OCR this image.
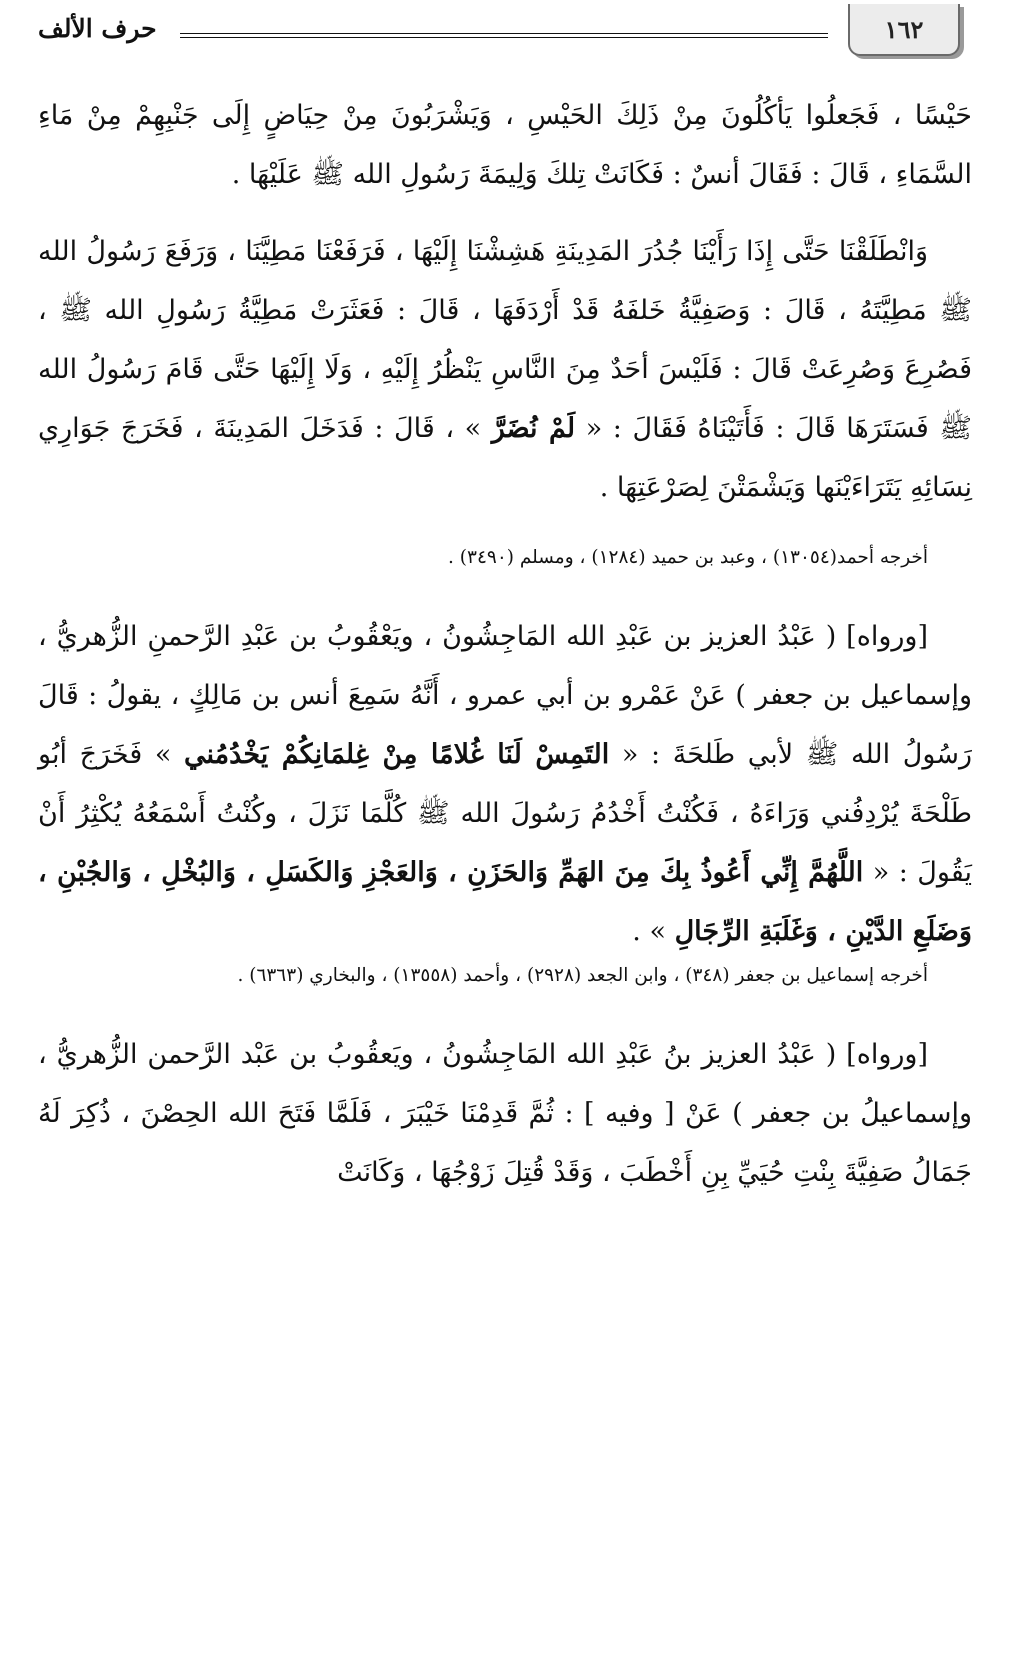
١٦٢
حرف الألف

حَيْسًا ، فَجَعلُوا يَأكُلُونَ مِنْ ذَلِكَ الحَيْسِ ، وَيَشْرَبُونَ مِنْ حِيَاضٍ إِلَى جَنْبِهِمْ مِنْ مَاءِ السَّمَاءِ ، قَالَ : فَقَالَ أنسٌ : فَكَانَتْ تِلكَ وَلِيمَةَ رَسُولِ الله ﷺ عَلَيْهَا .

وَانْطَلَقْنَا حَتَّى إِذَا رَأَيْنَا جُدُرَ المَدِينَةِ هَشِشْنَا إِلَيْهَا ، فَرَفَعْنَا مَطِيَّنَا ، وَرَفَعَ رَسُولُ الله ﷺ مَطِيَّتَهُ ، قَالَ : وَصَفِيَّةُ خَلفَهُ قَدْ أَرْدَفَهَا ، قَالَ : فَعَثَرَتْ مَطِيَّةُ رَسُولِ الله ﷺ ، فَصُرِعَ وَصُرِعَتْ قَالَ : فَلَيْسَ أحَدٌ مِنَ النَّاسِ يَنْظُرُ إِلَيْهِ ، وَلَا إِلَيْهَا حَتَّى قَامَ رَسُولُ الله ﷺ فَسَتَرَهَا قَالَ : فَأَتَيْنَاهُ فَقَالَ : « لَمْ نُضَرَّ » ، قَالَ : فَدَخَلَ المَدِينَةَ ، فَخَرَجَ جَوَارِي نِسَائِهِ يَتَرَاءَيْنَها وَيَشْمَتْنَ لِصَرْعَتِهَا .

أخرجه أحمد(١٣٠٥٤) ، وعبد بن حميد (١٢٨٤) ، ومسلم (٣٤٩٠) .

[ورواه] ( عَبْدُ العزيز بن عَبْدِ الله المَاجِشُونُ ، ويَعْقُوبُ بن عَبْدِ الرَّحمنِ الزُّهريُّ ، وإسماعيل بن جعفر ) عَنْ عَمْرو بن أبي عمرو ، أَنَّهُ سَمِعَ أنس بن مَالِكٍ ، يقولُ : قَالَ رَسُولُ الله ﷺ لأبي طَلحَةَ : « التَمِسْ لَنَا غُلامًا مِنْ غِلمَانِكُمْ يَخْدُمُني » فَخَرَجَ أبُو طَلْحَةَ يُرْدِفُني وَرَاءَهُ ، فَكُنْتُ أَخْدُمُ رَسُولَ الله ﷺ كُلَّمَا نَزَلَ ، وكُنْتُ أَسْمَعُهُ يُكْثِرُ أَنْ يَقُولَ : « اللَّهُمَّ إِنِّي أَعُوذُ بِكَ مِنَ الهَمِّ وَالحَزَنِ ، وَالعَجْزِ وَالكَسَلِ ، وَالبُخْلِ ، وَالجُبْنِ ، وَضَلَعِ الدَّيْنِ ، وَغَلَبَةِ الرِّجَالِ » .

أخرجه إسماعيل بن جعفر (٣٤٨) ، وابن الجعد (٢٩٢٨) ، وأحمد (١٣٥٥٨) ، والبخاري (٦٣٦٣) .

[ورواه] ( عَبْدُ العزيز بنُ عَبْدِ الله المَاجِشُونُ ، ويَعقُوبُ بن عَبْد الرَّحمن الزُّهريُّ ، وإسماعيلُ بن جعفر ) عَنْ [ وفيه ] : ثُمَّ قَدِمْنَا خَيْبَرَ ، فَلَمَّا فَتَحَ الله الحِصْنَ ، ذُكِرَ لَهُ جَمَالُ صَفِيَّةَ بِنْتِ حُيَيِّ بِنِ أَخْطَبَ ، وَقَدْ قُتِلَ زَوْجُهَا ، وَكَانَتْ
